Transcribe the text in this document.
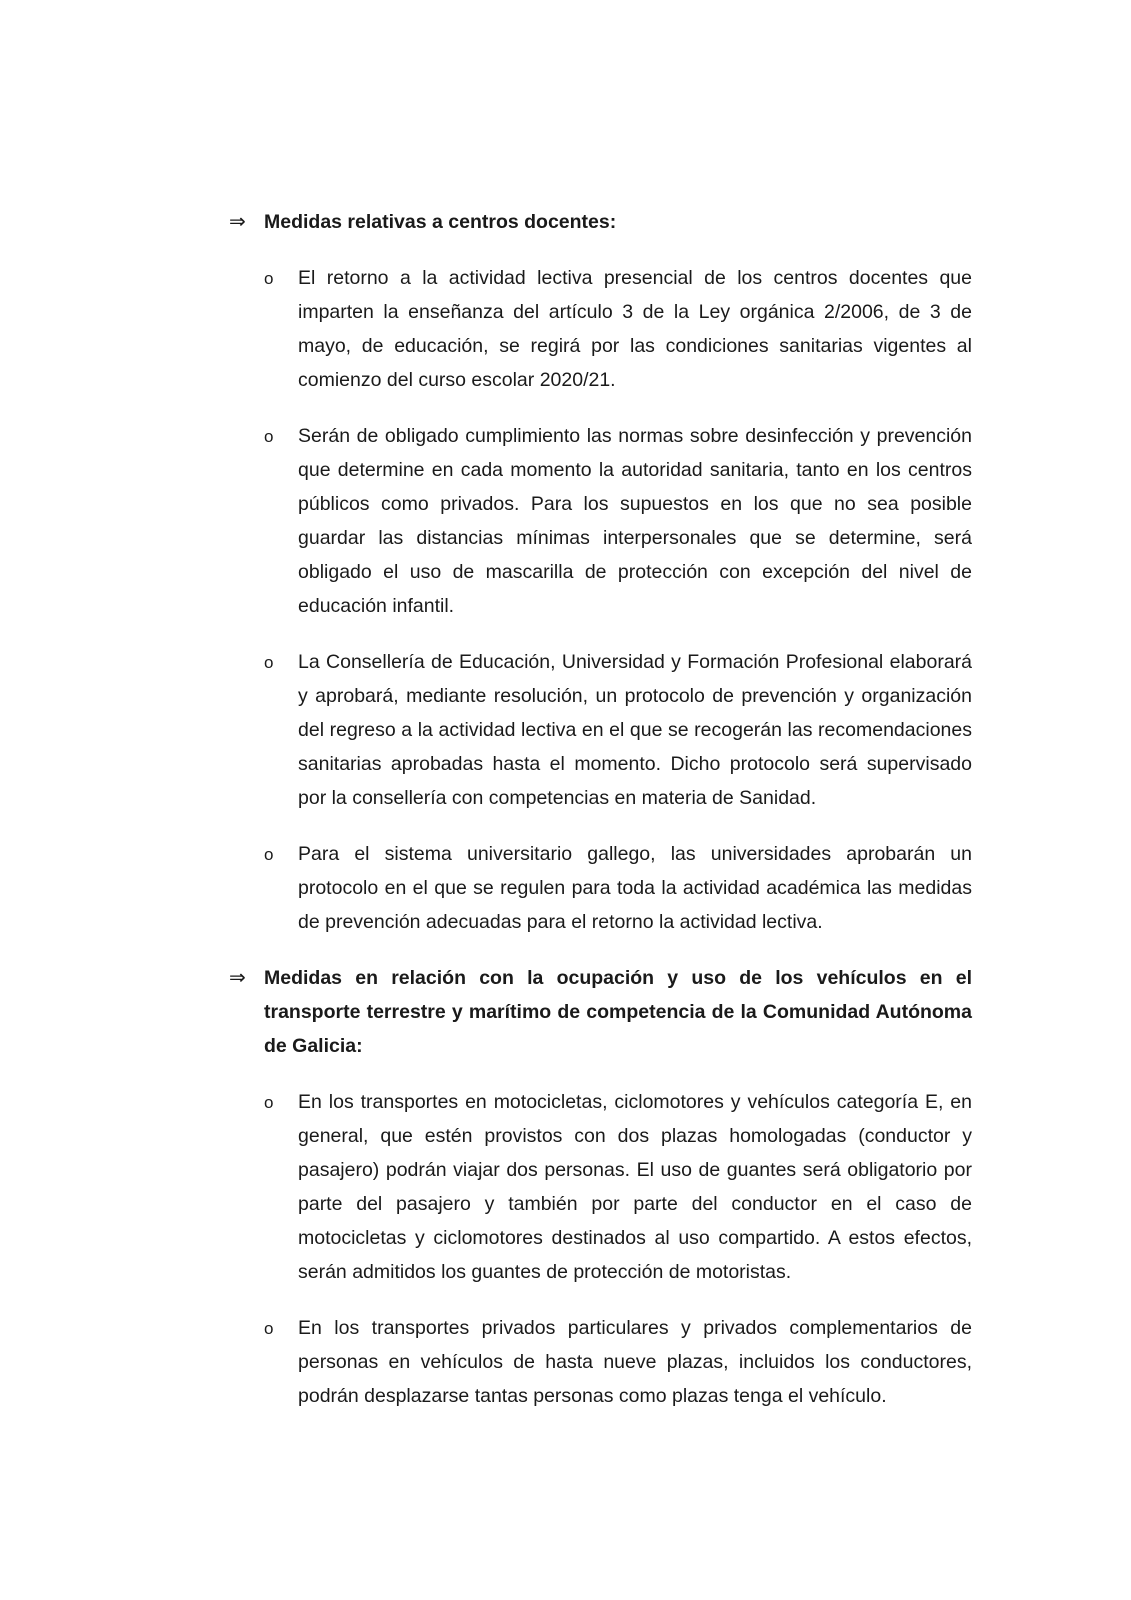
⇒ Medidas relativas a centros docentes:
o El retorno a la actividad lectiva presencial de los centros docentes que imparten la enseñanza del artículo 3 de la Ley orgánica 2/2006, de 3 de mayo, de educación, se regirá por las condiciones sanitarias vigentes al comienzo del curso escolar 2020/21.
o Serán de obligado cumplimiento las normas sobre desinfección y prevención que determine en cada momento la autoridad sanitaria, tanto en los centros públicos como privados. Para los supuestos en los que no sea posible guardar las distancias mínimas interpersonales que se determine, será obligado el uso de mascarilla de protección con excepción del nivel de educación infantil.
o La Consellería de Educación, Universidad y Formación Profesional elaborará y aprobará, mediante resolución, un protocolo de prevención y organización del regreso a la actividad lectiva en el que se recogerán las recomendaciones sanitarias aprobadas hasta el momento. Dicho protocolo será supervisado por la consellería con competencias en materia de Sanidad.
o Para el sistema universitario gallego, las universidades aprobarán un protocolo en el que se regulen para toda la actividad académica las medidas de prevención adecuadas para el retorno la actividad lectiva.
⇒ Medidas en relación con la ocupación y uso de los vehículos en el transporte terrestre y marítimo de competencia de la Comunidad Autónoma de Galicia:
o En los transportes en motocicletas, ciclomotores y vehículos categoría E, en general, que estén provistos con dos plazas homologadas (conductor y pasajero) podrán viajar dos personas. El uso de guantes será obligatorio por parte del pasajero y también por parte del conductor en el caso de motocicletas y ciclomotores destinados al uso compartido. A estos efectos, serán admitidos los guantes de protección de motoristas.
o En los transportes privados particulares y privados complementarios de personas en vehículos de hasta nueve plazas, incluidos los conductores, podrán desplazarse tantas personas como plazas tenga el vehículo.
